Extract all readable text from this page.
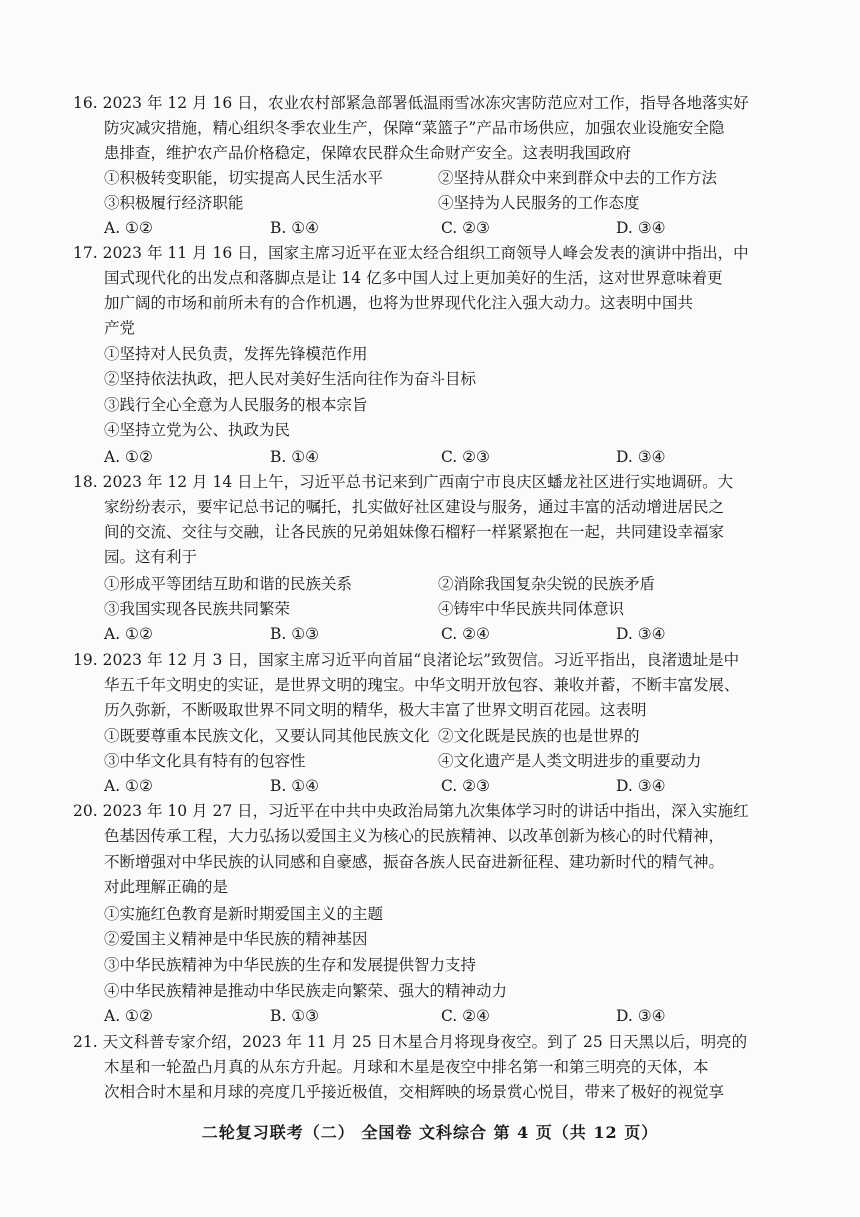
16. 2023 年 12 月 16 日，农业农村部紧急部署低温雨雪冰冻灾害防范应对工作，指导各地落实好
防灾减灾措施，精心组织冬季农业生产，保障“菜篮子”产品市场供应，加强农业设施安全隐
患排查，维护农产品价格稳定，保障农民群众生命财产安全。这表明我国政府
①积极转变职能，切实提高人民生活水平	②坚持从群众中来到群众中去的工作方法
③积极履行经济职能	④坚持为人民服务的工作态度
A. ①②	B. ①④	C. ②③	D. ③④
17. 2023 年 11 月 16 日，国家主席习近平在亚太经合组织工商领导人峰会发表的演讲中指出，中
国式现代化的出发点和落脚点是让 14 亿多中国人过上更加美好的生活，这对世界意味着更
加广阔的市场和前所未有的合作机遇，也将为世界现代化注入强大动力。这表明中国共
产党
①坚持对人民负责，发挥先锋模范作用
②坚持依法执政，把人民对美好生活向往作为奋斗目标
③践行全心全意为人民服务的根本宗旨
④坚持立党为公、执政为民
A. ①②	B. ①④	C. ②③	D. ③④
18. 2023 年 12 月 14 日上午，习近平总书记来到广西南宁市良庆区蟠龙社区进行实地调研。大
家纷纷表示，要牢记总书记的嘱托，扎实做好社区建设与服务，通过丰富的活动增进居民之
间的交流、交往与交融，让各民族的兄弟姐妹像石榴籽一样紧紧抱在一起，共同建设幸福家
园。这有利于
①形成平等团结互助和谐的民族关系	②消除我国复杂尖锐的民族矛盾
③我国实现各民族共同繁荣	④铸牢中华民族共同体意识
A. ①②	B. ①③	C. ②④	D. ③④
19. 2023 年 12 月 3 日，国家主席习近平向首届“良渚论坛”致贺信。习近平指出，良渚遗址是中
华五千年文明史的实证，是世界文明的瑰宝。中华文明开放包容、兼收并蓄，不断丰富发展、
历久弥新，不断吸取世界不同文明的精华，极大丰富了世界文明百花园。这表明
①既要尊重本民族文化，又要认同其他民族文化 ②文化既是民族的也是世界的
③中华文化具有特有的包容性	④文化遗产是人类文明进步的重要动力
A. ①②	B. ①④	C. ②③	D. ③④
20. 2023 年 10 月 27 日，习近平在中共中央政治局第九次集体学习时的讲话中指出，深入实施红
色基因传承工程，大力弘扬以爱国主义为核心的民族精神、以改革创新为核心的时代精神，
不断增强对中华民族的认同感和自豪感，振奋各族人民奋进新征程、建功新时代的精气神。
对此理解正确的是
①实施红色教育是新时期爱国主义的主题
②爱国主义精神是中华民族的精神基因
③中华民族精神为中华民族的生存和发展提供智力支持
④中华民族精神是推动中华民族走向繁荣、强大的精神动力
A. ①②	B. ①③	C. ②④	D. ③④
21. 天文科普专家介绍，2023 年 11 月 25 日木星合月将现身夜空。到了 25 日天黑以后，明亮的
木星和一轮盈凸月真的从东方升起。月球和木星是夜空中排名第一和第三明亮的天体，本
次相合时木星和月球的亮度几乎接近极值，交相辉映的场景赏心悦目，带来了极好的视觉享
二轮复习联考（二） 全国卷 文科综合 第 4 页（共 12 页）
